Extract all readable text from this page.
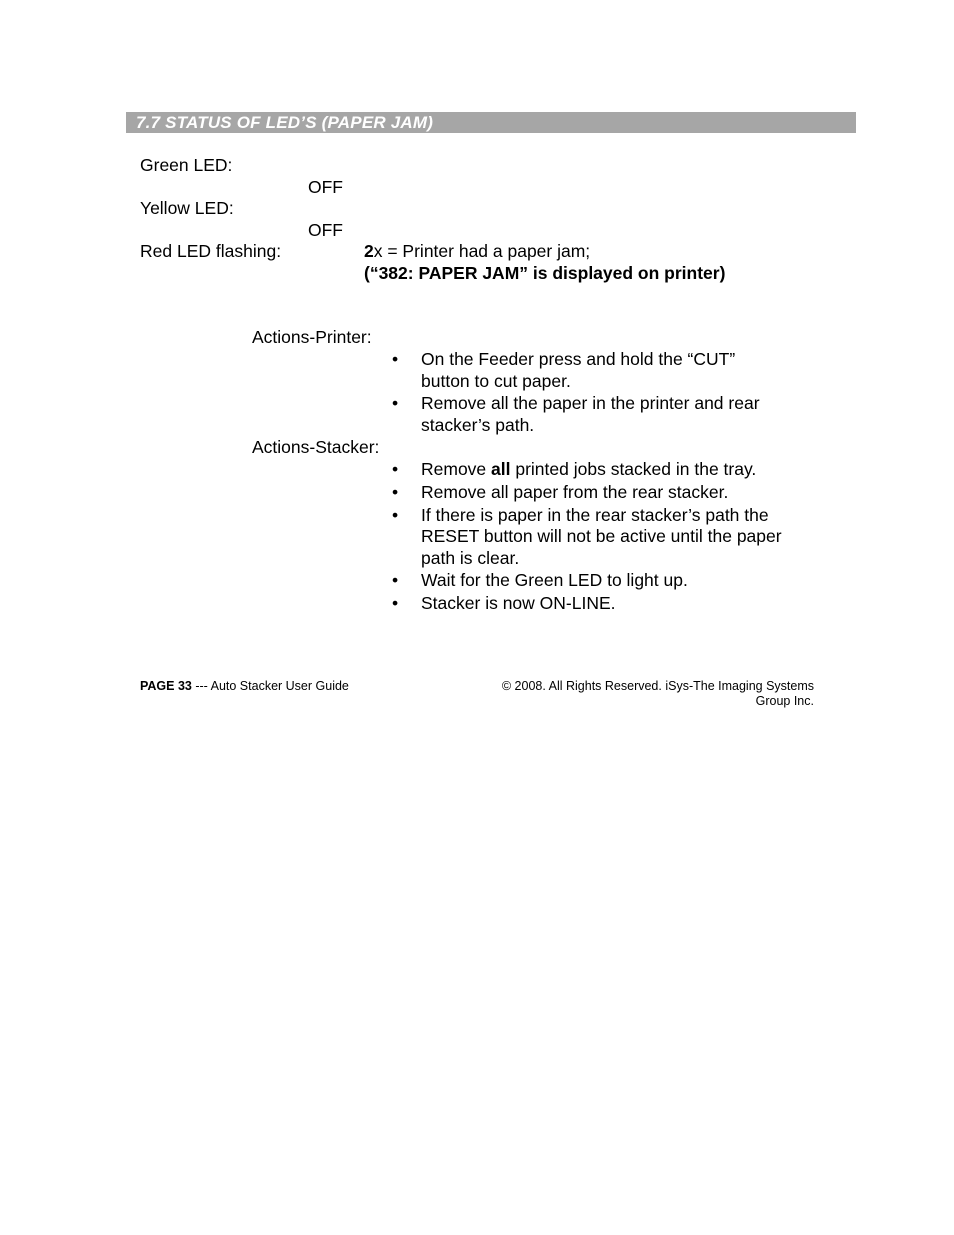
7.7 STATUS OF LED’S (PAPER JAM)
Green LED:
OFF
Yellow LED:
OFF
Red LED flashing:	2x = Printer had a paper jam;
(“382: PAPER JAM” is displayed on printer)
Actions-Printer:
• On the Feeder press and hold the “CUT”
button to cut paper.
• Remove all the paper in the printer and rear
stacker’s path.
Actions-Stacker:
• Remove all printed jobs stacked in the tray.
• Remove all paper from the rear stacker.
• If there is paper in the rear stacker’s path the
RESET button will not be active until the paper
path is clear.
• Wait for the Green LED to light up.
• Stacker is now ON-LINE.
PAGE 33 --- Auto Stacker User Guide	© 2008. All Rights Reserved. iSys-The Imaging Systems
Group Inc.
